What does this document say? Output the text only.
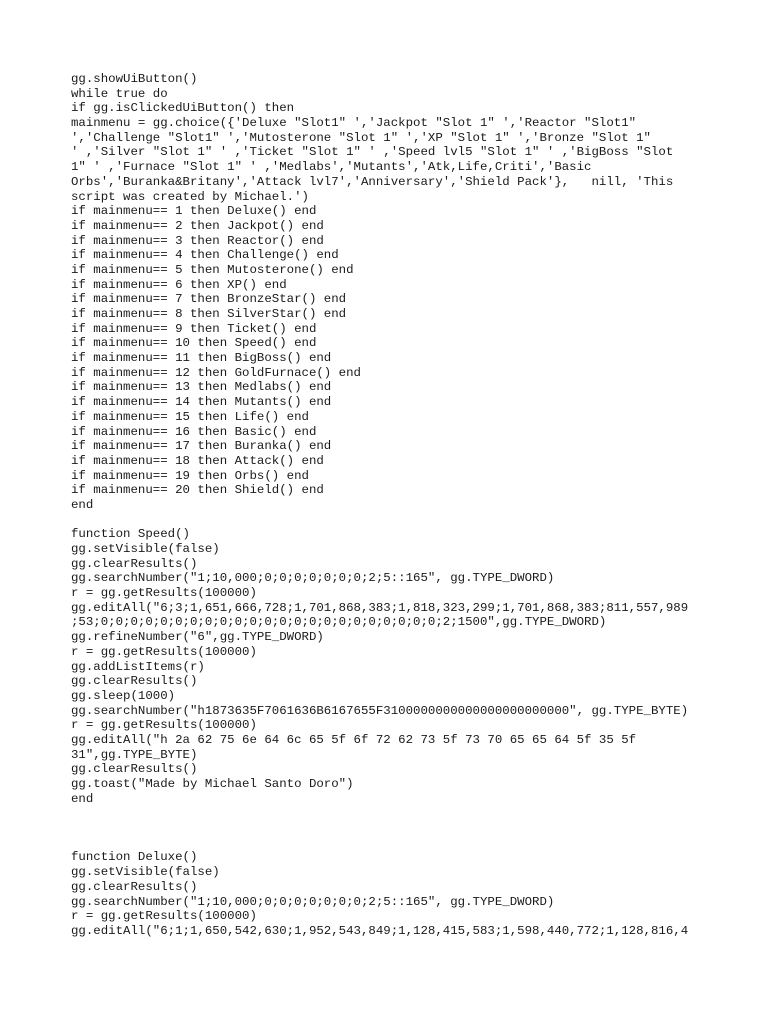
gg.showUiButton()
while true do
if gg.isClickedUiButton() then
mainmenu = gg.choice({'Deluxe "Slot1" ','Jackpot "Slot 1" ','Reactor "Slot1"
','Challenge "Slot1" ','Mutosterone "Slot 1" ','XP "Slot 1" ','Bronze "Slot 1"
' ,'Silver "Slot 1" ' ,'Ticket "Slot 1" ' ,'Speed lvl5 "Slot 1" ' ,'BigBoss "Slot
1" ' ,'Furnace "Slot 1" ' ,'Medlabs','Mutants','Atk,Life,Criti','Basic
Orbs','Buranka&Britany','Attack lvl7','Anniversary','Shield Pack'},   nill, 'This
script was created by Michael.')
if mainmenu== 1 then Deluxe() end
if mainmenu== 2 then Jackpot() end
if mainmenu== 3 then Reactor() end
if mainmenu== 4 then Challenge() end
if mainmenu== 5 then Mutosterone() end
if mainmenu== 6 then XP() end
if mainmenu== 7 then BronzeStar() end
if mainmenu== 8 then SilverStar() end
if mainmenu== 9 then Ticket() end
if mainmenu== 10 then Speed() end
if mainmenu== 11 then BigBoss() end
if mainmenu== 12 then GoldFurnace() end
if mainmenu== 13 then Medlabs() end
if mainmenu== 14 then Mutants() end
if mainmenu== 15 then Life() end
if mainmenu== 16 then Basic() end
if mainmenu== 17 then Buranka() end
if mainmenu== 18 then Attack() end
if mainmenu== 19 then Orbs() end
if mainmenu== 20 then Shield() end
end
function Speed()
gg.setVisible(false)
gg.clearResults()
gg.searchNumber("1;10,000;0;0;0;0;0;0;0;2;5::165", gg.TYPE_DWORD)
r = gg.getResults(100000)
gg.editAll("6;3;1,651,666,728;1,701,868,383;1,818,323,299;1,701,868,383;811,557,989
;53;0;0;0;0;0;0;0;0;0;0;0;0;0;0;0;0;0;0;0;0;0;0;0;2;1500",gg.TYPE_DWORD)
gg.refineNumber("6",gg.TYPE_DWORD)
r = gg.getResults(100000)
gg.addListItems(r)
gg.clearResults()
gg.sleep(1000)
gg.searchNumber("h1873635F7061636B6167655F3100000000000000000000000", gg.TYPE_BYTE)
r = gg.getResults(100000)
gg.editAll("h 2a 62 75 6e 64 6c 65 5f 6f 72 62 73 5f 73 70 65 65 64 5f 35 5f
31",gg.TYPE_BYTE)
gg.clearResults()
gg.toast("Made by Michael Santo Doro")
end
function Deluxe()
gg.setVisible(false)
gg.clearResults()
gg.searchNumber("1;10,000;0;0;0;0;0;0;0;2;5::165", gg.TYPE_DWORD)
r = gg.getResults(100000)
gg.editAll("6;1;1,650,542,630;1,952,543,849;1,128,415,583;1,598,440,772;1,128,816,4
